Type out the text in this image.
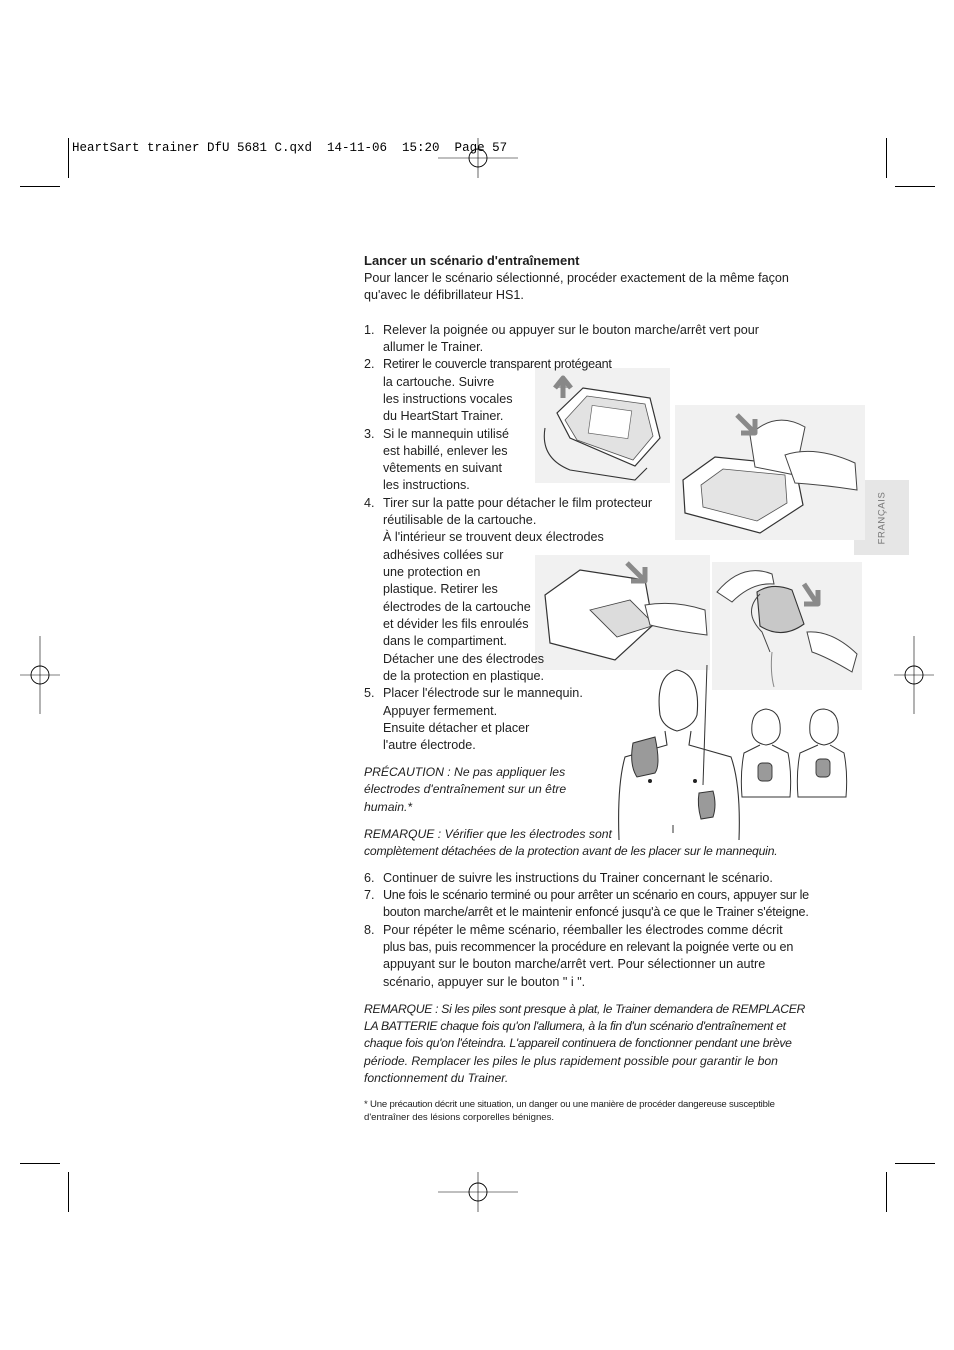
HeartSart trainer DfU 5681 C.qxd  14-11-06  15:20  Page 57
FRANÇAIS
Lancer un scénario d'entraînement
Pour lancer le scénario sélectionné, procéder exactement de la même façon
qu'avec le défibrillateur HS1.
1. Relever la poignée ou appuyer sur le bouton marche/arrêt vert pour
allumer le Trainer.
2. Retirer le couvercle transparent protégeant
la cartouche. Suivre
les instructions vocales
du HeartStart Trainer.
3. Si le mannequin utilisé
est habillé, enlever les
vêtements en suivant
les instructions.
4. Tirer sur la patte pour détacher le film protecteur
réutilisable de la cartouche.
À l'intérieur se trouvent deux électrodes
adhésives collées sur
une protection en
plastique. Retirer les
électrodes de la cartouche
et dévider les fils enroulés
dans le compartiment.
Détacher une des électrodes
de la protection en plastique.
5. Placer l'électrode sur le mannequin.
Appuyer fermement.
Ensuite détacher et placer
l'autre électrode.
PRÉCAUTION : Ne pas appliquer les
électrodes d'entraînement sur un être
humain.*
REMARQUE : Vérifier que les électrodes sont
complètement détachées de la protection avant de les placer sur le mannequin.
6. Continuer de suivre les instructions du Trainer concernant le scénario.
7. Une fois le scénario terminé ou pour arrêter un scénario en cours, appuyer sur le
bouton marche/arrêt et le maintenir enfoncé jusqu'à ce que le Trainer s'éteigne.
8. Pour répéter le même scénario, réemballer les électrodes comme décrit
plus bas, puis recommencer la procédure en relevant la poignée verte ou en
appuyant sur le bouton marche/arrêt vert. Pour sélectionner un autre
scénario, appuyer sur le bouton " i ".
REMARQUE : Si les piles sont presque à plat, le Trainer demandera de REMPLACER
LA BATTERIE chaque fois qu'on l'allumera, à la fin d'un scénario d'entraînement et
chaque fois qu'on l'éteindra. L'appareil continuera de fonctionner pendant une brève
période. Remplacer les piles le plus rapidement possible pour garantir le bon
fonctionnement du Trainer.
* Une précaution décrit une situation, un danger ou une manière de procéder dangereuse susceptible
d'entraîner des lésions corporelles bénignes.
